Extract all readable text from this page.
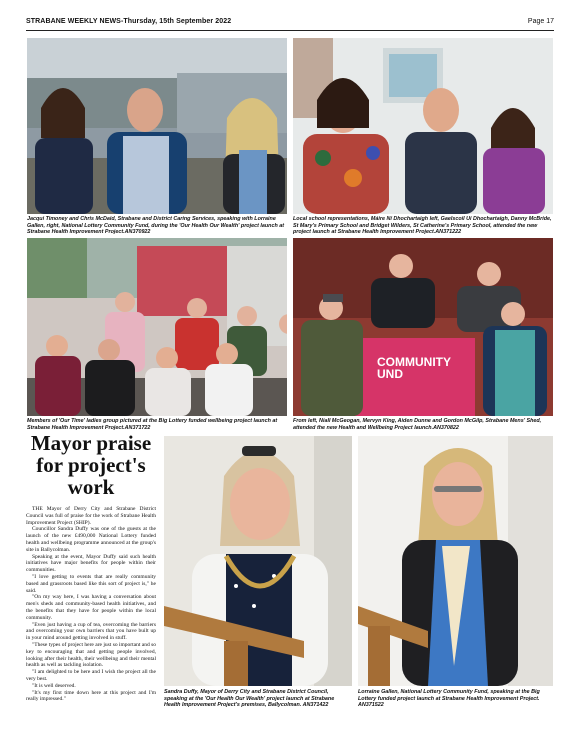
STRABANE WEEKLY NEWS-Thursday, 15th September 2022	Page 17
Jacqui Timoney and Chris McDaid, Strabane and District Caring Services, speaking with Lorraine Gallen, right, National Lottery Community Fund, during the 'Our Health Our Wealth' project launch at Strabane Health Improvement Project.AN370922
Local school representations, Máire Ní Dhochartaigh left, Gaelscoil Uí Dhochartaigh, Danny McBride, St Mary's Primary School and Bridget Wilders, St Catherine's Primary School, attended the new project launch at Strabane Health Improvement Project.AN371222
COMMUNITY
UND
Members of 'Our Time' ladies group pictured at the Big Lottery funded wellbeing project launch at Strabane Health Improvement Project.AN371722
From left, Niall McGeogan, Mervyn King, Aiden Dunne and Gordon McGilp, Strabane Mens' Shed, attended the new Health and Wellbeing Project launch.AN370822
Mayor praise for project's work

THE Mayor of Derry City and Strabane District Council was full of praise for the work of Strabane Health Improvement Project (SHIP).

Councillor Sandra Duffy was one of the guests at the launch of the new £490,000 National Lottery funded health and wellbeing programme announced at the group's site in Ballycolman.

Speaking at the event, Mayor Duffy said such health initiatives have major benefits for people within their communities.

"I love getting to events that are really community based and grassroots based like this sort of project is," he said.

"On my way here, I was having a conversation about men's sheds and community-based health initiatives, and the benefits that they have for people within the local community.

"Even just having a cup of tea, overcoming the barriers and overcoming your own barriers that you have built up in your mind around getting involved in stuff.

"These types of project here are just so important and so key to encouraging that and getting people involved, looking after their health, their wellbeing and their mental health as well as tackling isolation.

"I am delighted to be here and I wish the project all the very best.

"It is well deserved.

"It's my first time down here at this project and I'm really impressed."

Sandra Duffy, Mayor of Derry City and Strabane District Council, speaking at the 'Our Health Our Wealth' project launch at Strabane Health Improvement Project's premises, Ballycolman. AN371422
Lorraine Gallen, National Lottery Community Fund, speaking at the Big Lottery funded project launch at Strabane Health Improvement Project. AN371522
